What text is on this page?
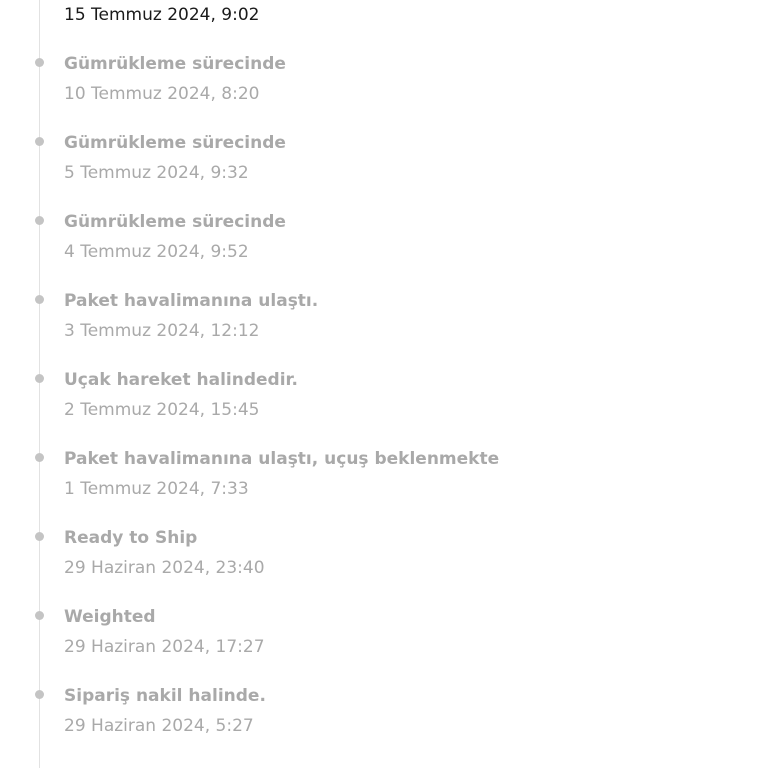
15 Temmuz 2024, 9:02
Gümrükleme sürecinde
10 Temmuz 2024, 8:20
Gümrükleme sürecinde
5 Temmuz 2024, 9:32
Gümrükleme sürecinde
4 Temmuz 2024, 9:52
Paket havalimanına ulaştı.
3 Temmuz 2024, 12:12
Uçak hareket halindedir.
2 Temmuz 2024, 15:45
Paket havalimanına ulaştı, uçuş beklenmekte
1 Temmuz 2024, 7:33
Ready to Ship
29 Haziran 2024, 23:40
Weighted
29 Haziran 2024, 17:27
Sipariş nakil halinde.
29 Haziran 2024, 5:27
